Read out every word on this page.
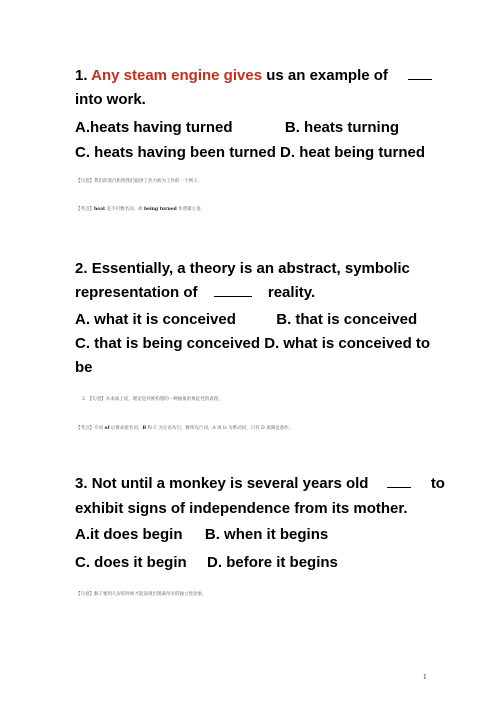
1. Any steam engine gives us an example of
into work.
A.heats having turned	B. heats turning
C. heats having been turned D. heat being turned
【句意】我们的蒸汽机给我们提供了热力转为工作的一个例子。
【考点】heat 是不可数名词，故 being turned 作逻辑主语。
2. Essentially, a theory is an abstract, symbolic
representation of	reality.
A. what it is conceived	B. that is conceived
C. that is being conceived D. what is conceived to
be
2 【句意】从本质上说，理论是对被构想的一种抽象的象征性的表现。
【考点】介词 of 后要求接名词，B 和 C 为定语从句，修饰先行词，A 项 is 为系动词，只有 D 项满足条件。
3. Not until a monkey is several years old	to
exhibit signs of independence from its mother.
A.it does begin B. when it begins
C. does it begin D. before it begins
【句意】猴子要到几岁的时候才能表现出脱离母亲的独立性迹象。
1
